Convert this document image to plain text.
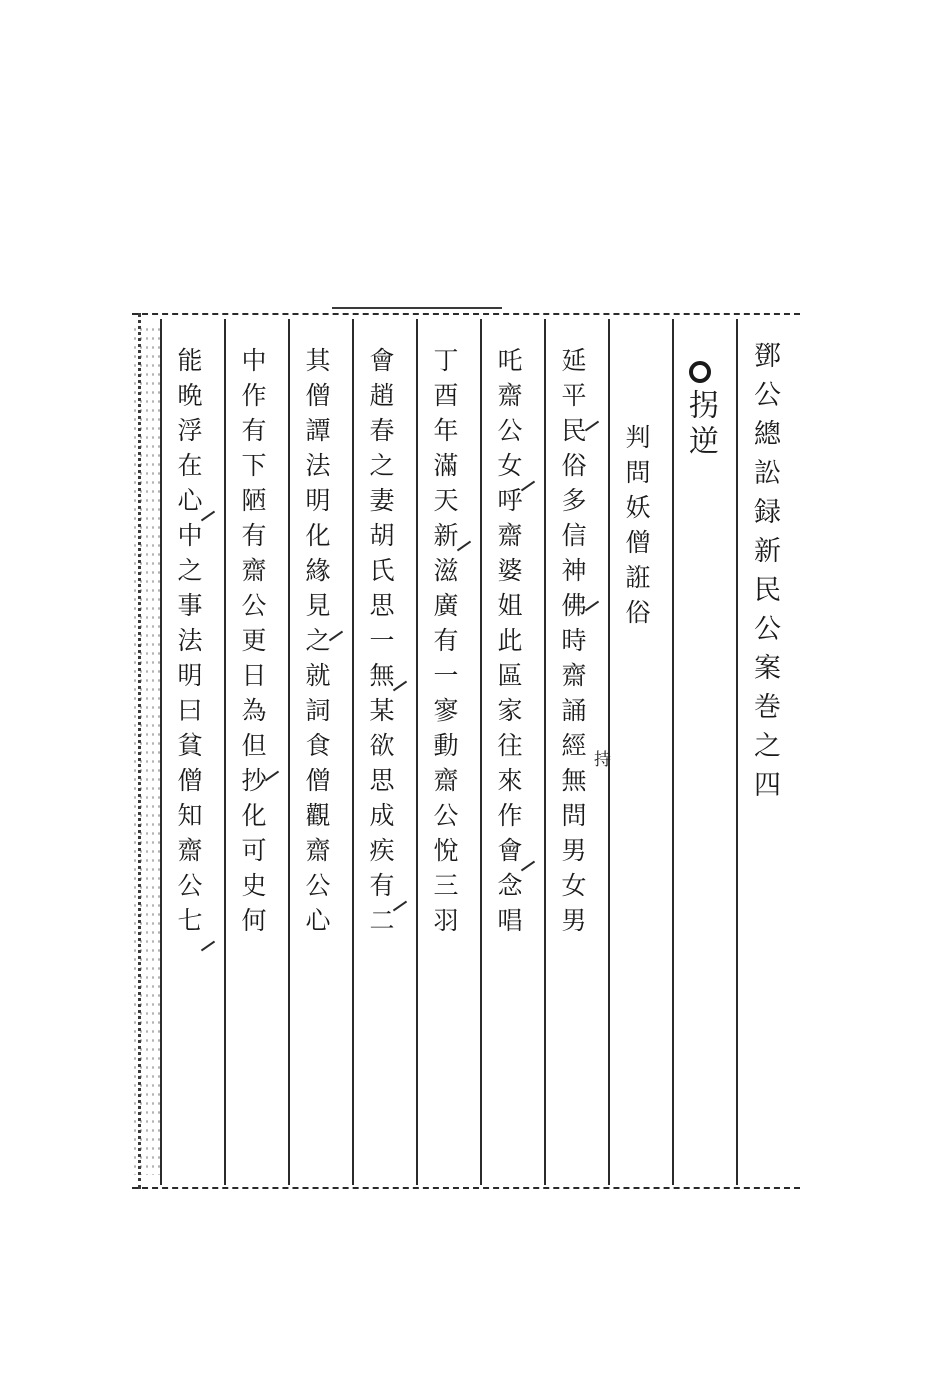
鄧公總訟録新民公案巻之四
拐逆
判問妖僧誑俗
延平民俗多信神佛時齋誦經無問男女男
吒齋公女呼齋婆姐此區家往來作會念唱
丁酉年滿天新滋廣有一寥動齋公悅三羽
會趙春之妻胡氏思一無某欲思成疾有二
其僧譚法明化緣見之就詞食僧觀齋公心
中作有下陋有齋公更日為但抄化可史何
能晩浮在心中之事法明曰貧僧知齋公七	持
